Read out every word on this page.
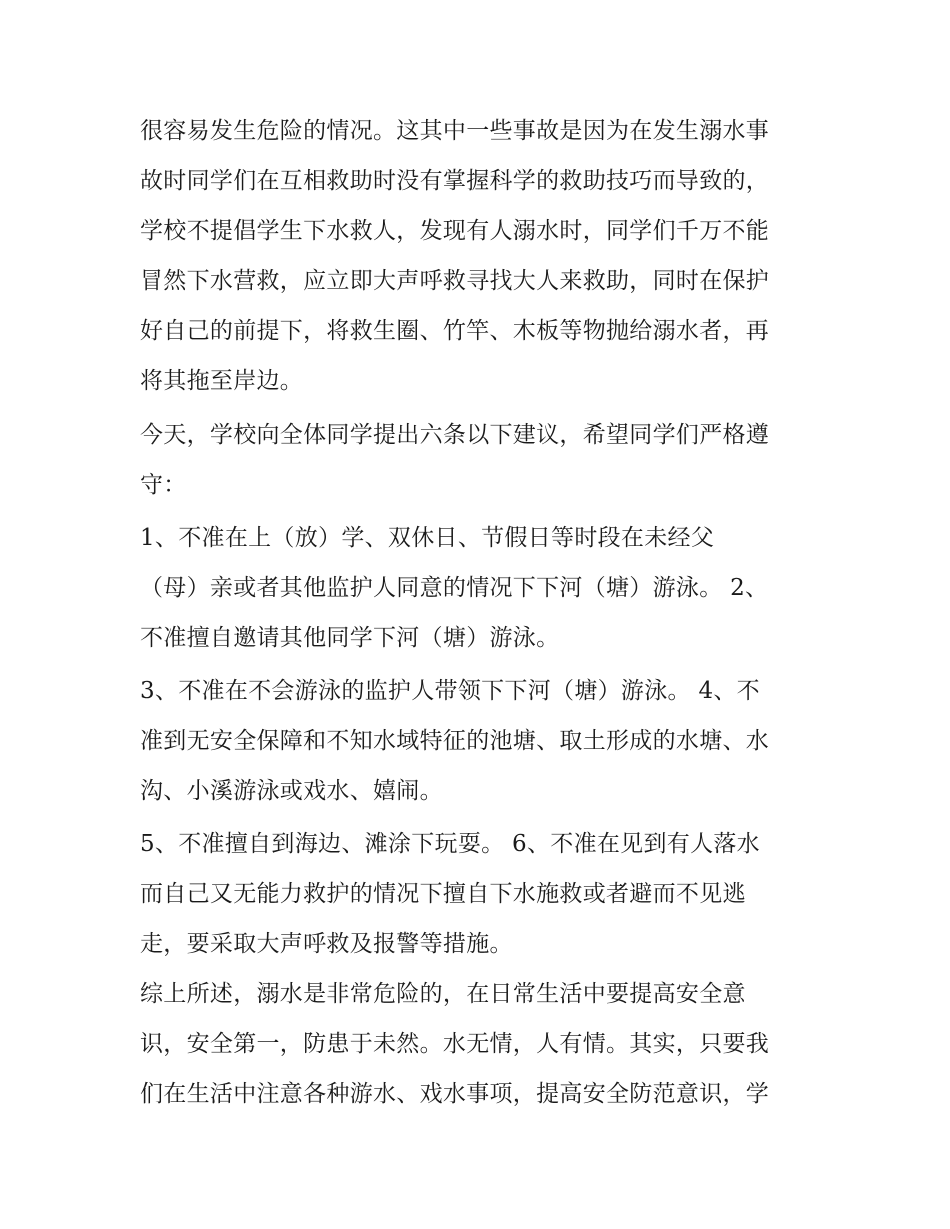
很容易发生危险的情况。这其中一些事故是因为在发生溺水事
故时同学们在互相救助时没有掌握科学的救助技巧而导致的，
学校不提倡学生下水救人，发现有人溺水时，同学们千万不能
冒然下水营救，应立即大声呼救寻找大人来救助，同时在保护
好自己的前提下，将救生圈、竹竿、木板等物抛给溺水者，再
将其拖至岸边。
今天，学校向全体同学提出六条以下建议，希望同学们严格遵
守：
1、不准在上（放）学、双休日、节假日等时段在未经父
（母）亲或者其他监护人同意的情况下下河（塘）游泳。 2、
不准擅自邀请其他同学下河（塘）游泳。
3、不准在不会游泳的监护人带领下下河（塘）游泳。 4、不
准到无安全保障和不知水域特征的池塘、取土形成的水塘、水
沟、小溪游泳或戏水、嬉闹。
5、不准擅自到海边、滩涂下玩耍。 6、不准在见到有人落水
而自己又无能力救护的情况下擅自下水施救或者避而不见逃
走，要采取大声呼救及报警等措施。
综上所述，溺水是非常危险的，在日常生活中要提高安全意
识，安全第一，防患于未然。水无情，人有情。其实，只要我
们在生活中注意各种游水、戏水事项，提高安全防范意识，学
